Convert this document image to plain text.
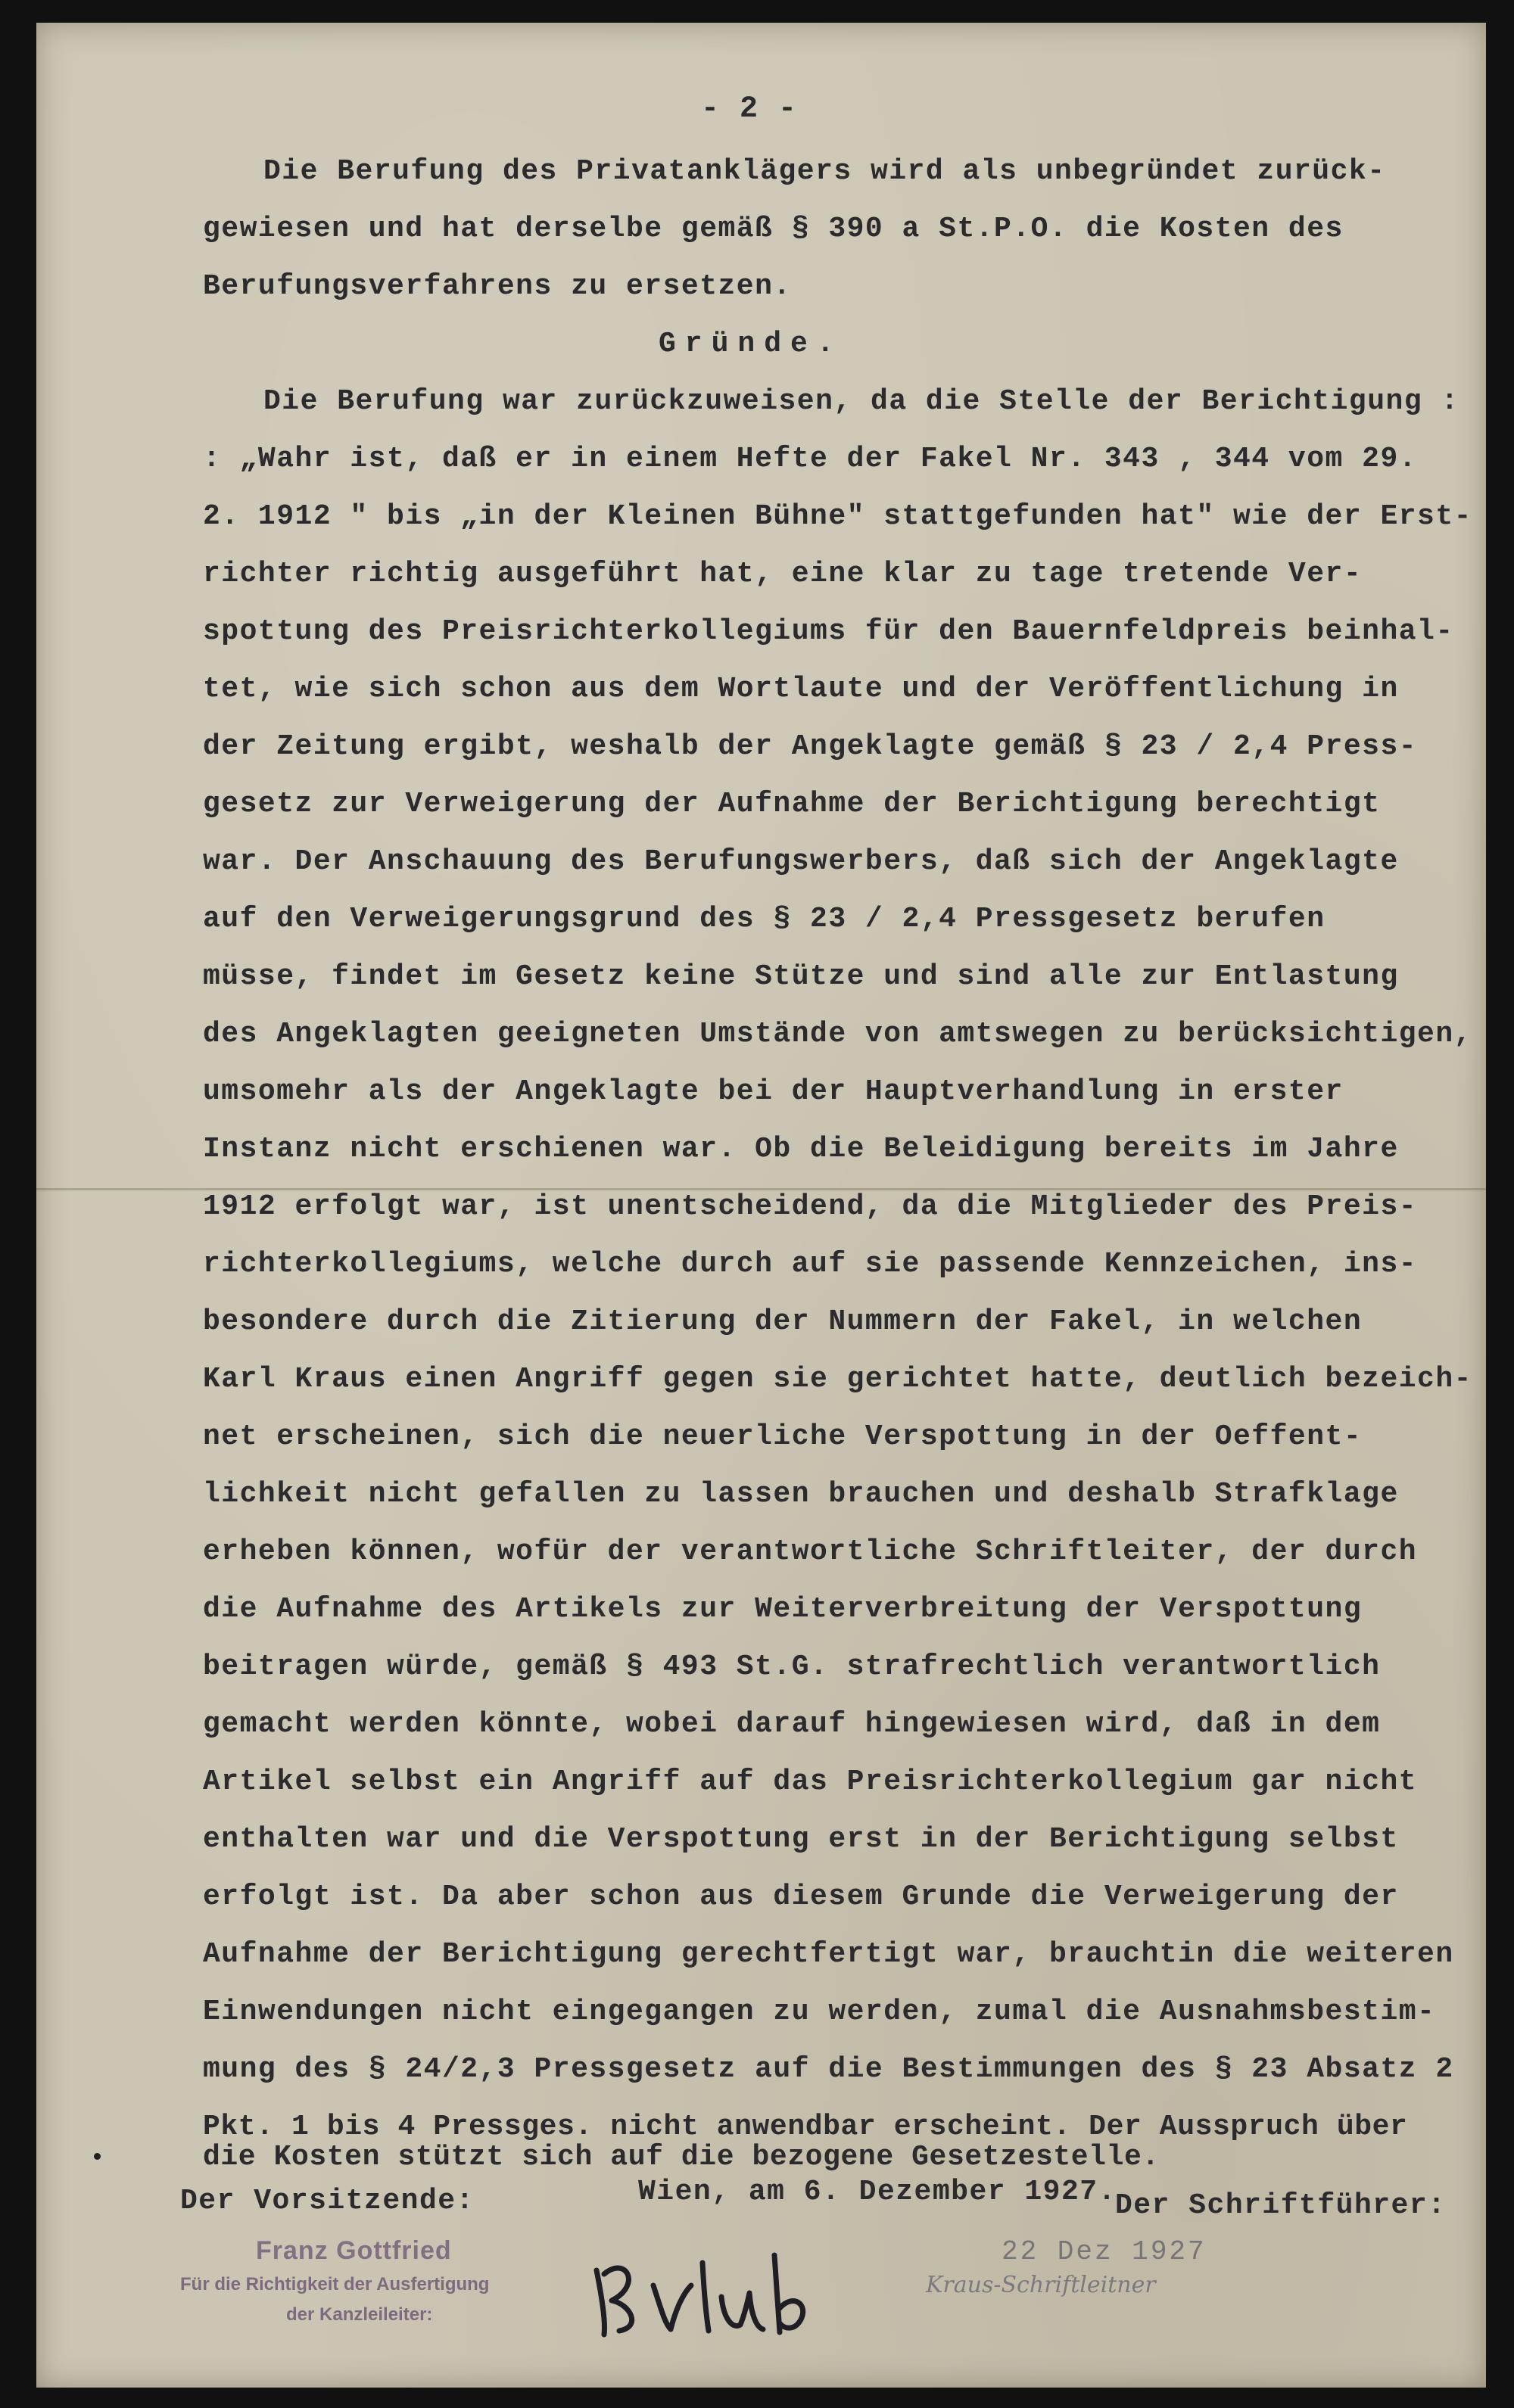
- 2 -
Die Berufung des Privatanklägers wird als unbegründet zurück-
gewiesen und hat derselbe gemäß § 390 a St.P.O. die Kosten des
Berufungsverfahrens zu ersetzen.
Gründe.
Die Berufung war zurückzuweisen, da die Stelle der Berichtigung :
: „Wahr ist, daß er in einem Hefte der Fakel Nr. 343 , 344 vom 29.
2. 1912 " bis „in der Kleinen Bühne" stattgefunden hat" wie der Erst-
richter richtig ausgeführt hat, eine klar zu tage tretende Ver-
spottung des Preisrichterkollegiums für den Bauernfeldpreis beinhal-
tet, wie sich schon aus dem Wortlaute und der Veröffentlichung in
der Zeitung ergibt, weshalb der Angeklagte gemäß § 23 / 2,4 Press-
gesetz zur Verweigerung der Aufnahme der Berichtigung berechtigt
war. Der Anschauung des Berufungswerbers, daß sich der Angeklagte
auf den Verweigerungsgrund des § 23 / 2,4 Pressgesetz berufen
müsse, findet im Gesetz keine Stütze und sind alle zur Entlastung
des Angeklagten geeigneten Umstände von amtswegen zu berücksichtigen,
umsomehr als der Angeklagte bei der Hauptverhandlung in erster
Instanz nicht erschienen war. Ob die Beleidigung bereits im Jahre
1912 erfolgt war, ist unentscheidend, da die Mitglieder des Preis-
richterkollegiums, welche durch auf sie passende Kennzeichen, ins-
besondere durch die Zitierung der Nummern der Fakel, in welchen
Karl Kraus einen Angriff gegen sie gerichtet hatte, deutlich bezeich-
net erscheinen, sich die neuerliche Verspottung in der Oeffent-
lichkeit nicht gefallen zu lassen brauchen und deshalb Strafklage
erheben können, wofür der verantwortliche Schriftleiter, der durch
die Aufnahme des Artikels zur Weiterverbreitung der Verspottung
beitragen würde, gemäß § 493 St.G. strafrechtlich verantwortlich
gemacht werden könnte, wobei darauf hingewiesen wird, daß in dem
Artikel selbst ein Angriff auf das Preisrichterkollegium gar nicht
enthalten war und die Verspottung erst in der Berichtigung selbst
erfolgt ist. Da aber schon aus diesem Grunde die Verweigerung der
Aufnahme der Berichtigung gerechtfertigt war, brauchtin die weiteren
Einwendungen nicht eingegangen zu werden, zumal die Ausnahmsbestim-
mung des § 24/2,3 Pressgesetz auf die Bestimmungen des § 23 Absatz 2
Pkt. 1 bis 4 Pressges. nicht anwendbar erscheint. Der Ausspruch über
die Kosten stützt sich auf die bezogene Gesetzestelle.
Der Vorsitzende:	Wien, am 6. Dezember 1927.
Der Schriftführer:
Franz Gottfried
Für die Richtigkeit der Ausfertigung
der Kanzleileiter:
22 Dez 1927
Kraus-Schriftleitner
